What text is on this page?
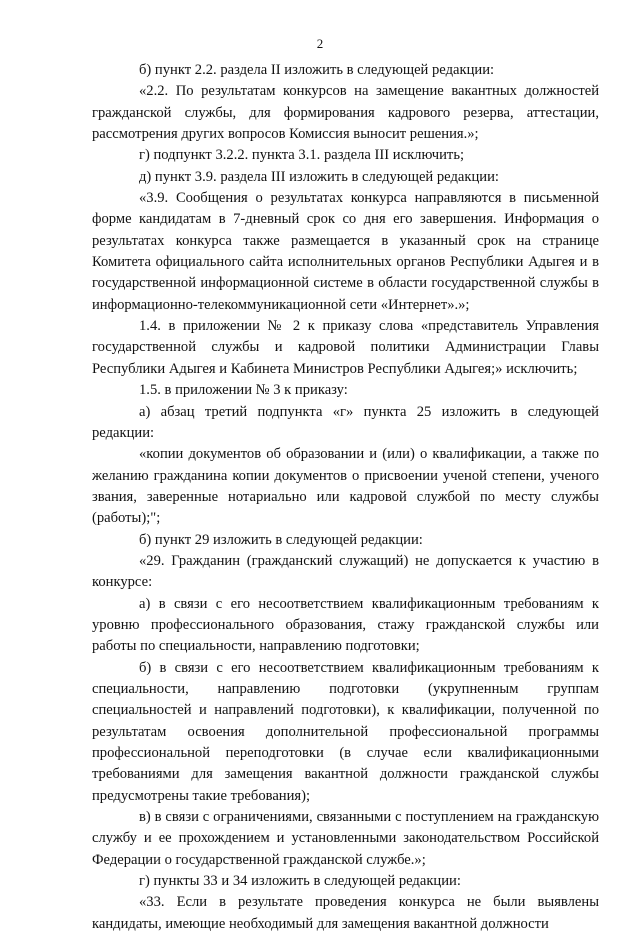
2

б) пункт 2.2. раздела II изложить в следующей редакции:

«2.2. По результатам конкурсов на замещение вакантных должностей гражданской службы, для формирования кадрового резерва, аттестации, рассмотрения других вопросов Комиссия выносит решения.»;

г) подпункт 3.2.2. пункта 3.1. раздела III исключить;

д) пункт 3.9. раздела III изложить в следующей редакции:

«3.9. Сообщения о результатах конкурса направляются в письменной форме кандидатам в 7-дневный срок со дня его завершения. Информация о результатах конкурса также размещается в указанный срок на странице Комитета официального сайта исполнительных органов Республики Адыгея и в государственной информационной системе в области государственной службы в информационно-телекоммуникационной сети «Интернет».»;

1.4. в приложении № 2 к приказу слова «представитель Управления государственной службы и кадровой политики Администрации Главы Республики Адыгея и Кабинета Министров Республики Адыгея;» исключить;

1.5. в приложении № 3 к приказу:

а) абзац третий подпункта «г» пункта 25 изложить в следующей редакции:

«копии документов об образовании и (или) о квалификации, а также по желанию гражданина копии документов о присвоении ученой степени, ученого звания, заверенные нотариально или кадровой службой по месту службы (работы);";

б) пункт 29 изложить в следующей редакции:

«29. Гражданин (гражданский служащий) не допускается к участию в конкурсе:

а) в связи с его несоответствием квалификационным требованиям к уровню профессионального образования, стажу гражданской службы или работы по специальности, направлению подготовки;

б) в связи с его несоответствием квалификационным требованиям к специальности, направлению подготовки (укрупненным группам специальностей и направлений подготовки), к квалификации, полученной по результатам освоения дополнительной профессиональной программы профессиональной переподготовки (в случае если квалификационными требованиями для замещения вакантной должности гражданской службы предусмотрены такие требования);

в) в связи с ограничениями, связанными с поступлением на гражданскую службу и ее прохождением и установленными законодательством Российской Федерации о государственной гражданской службе.»;

г) пункты 33 и 34 изложить в следующей редакции:

«33. Если в результате проведения конкурса не были выявлены кандидаты, имеющие необходимый для замещения вакантной должности
